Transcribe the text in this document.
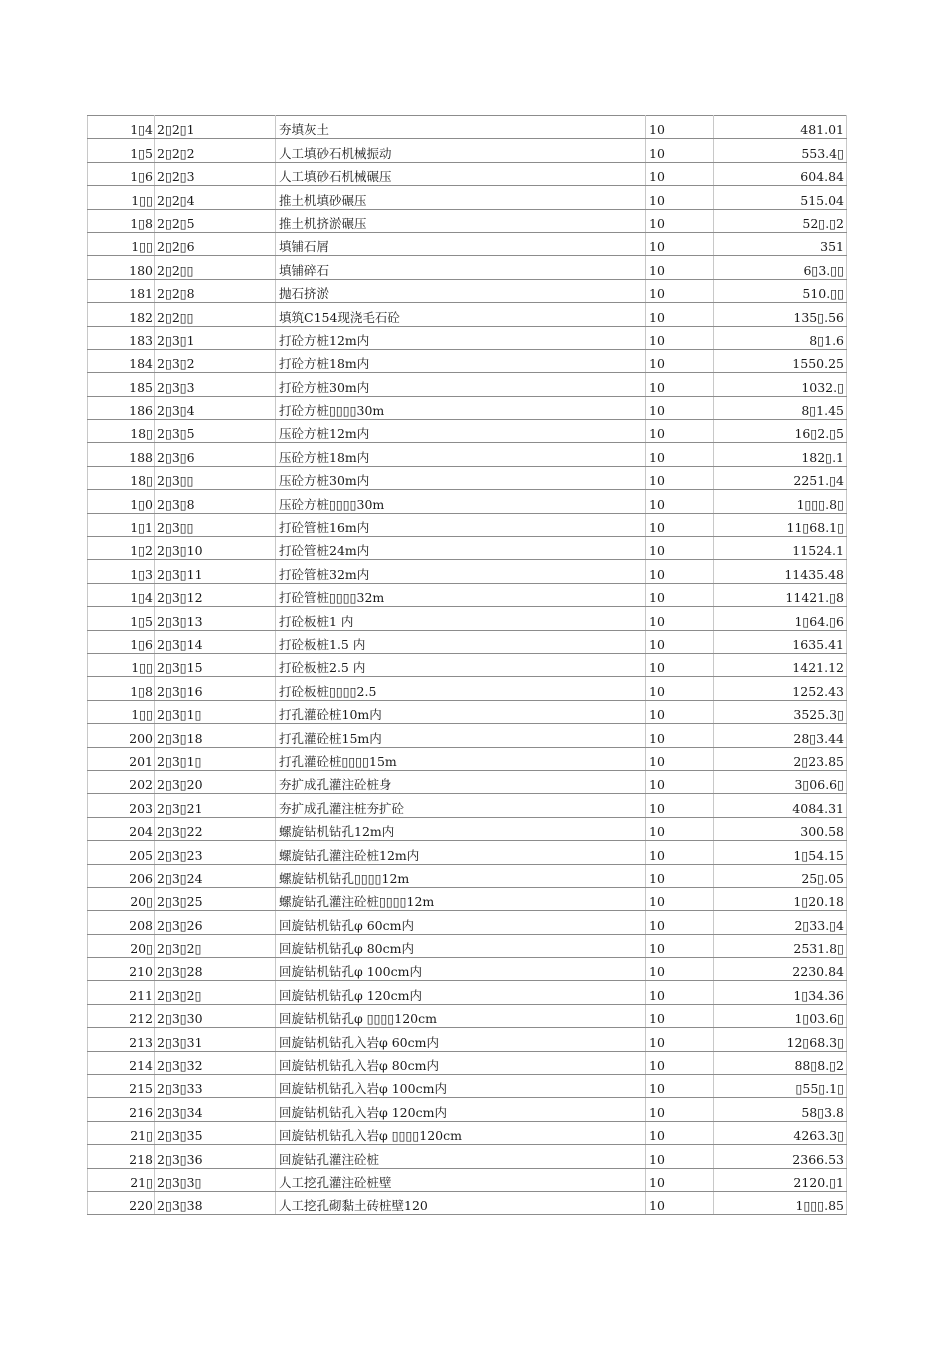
1▯4	2▯2▯1	夯填灰土	10	481.01
1▯5	2▯2▯2	人工填砂石机械振动	10	553.4▯
1▯6	2▯2▯3	人工填砂石机械碾压	10	604.84
1▯▯	2▯2▯4	推土机填砂碾压	10	515.04
1▯8	2▯2▯5	推土机挤淤碾压	10	52▯.▯2
1▯▯	2▯2▯6	填铺石屑	10	351
180	2▯2▯▯	填铺碎石	10	6▯3.▯▯
181	2▯2▯8	抛石挤淤	10	510.▯▯
182	2▯2▯▯	填筑C154现浇毛石砼	10	135▯.56
183	2▯3▯1	打砼方桩12m内	10	8▯1.6
184	2▯3▯2	打砼方桩18m内	10	1550.25
185	2▯3▯3	打砼方桩30m内	10	1032.▯
186	2▯3▯4	打砼方桩▯▯▯▯30m	10	8▯1.45
18▯	2▯3▯5	压砼方桩12m内	10	16▯2.▯5
188	2▯3▯6	压砼方桩18m内	10	182▯.1
18▯	2▯3▯▯	压砼方桩30m内	10	2251.▯4
1▯0	2▯3▯8	压砼方桩▯▯▯▯30m	10	1▯▯▯.8▯
1▯1	2▯3▯▯	打砼管桩16m内	10	11▯68.1▯
1▯2	2▯3▯10	打砼管桩24m内	10	11524.1
1▯3	2▯3▯11	打砼管桩32m内	10	11435.48
1▯4	2▯3▯12	打砼管桩▯▯▯▯32m	10	11421.▯8
1▯5	2▯3▯13	打砼板桩1 内	10	1▯64.▯6
1▯6	2▯3▯14	打砼板桩1.5 内	10	1635.41
1▯▯	2▯3▯15	打砼板桩2.5 内	10	1421.12
1▯8	2▯3▯16	打砼板桩▯▯▯▯2.5	10	1252.43
1▯▯	2▯3▯1▯	打孔灌砼桩10m内	10	3525.3▯
200	2▯3▯18	打孔灌砼桩15m内	10	28▯3.44
201	2▯3▯1▯	打孔灌砼桩▯▯▯▯15m	10	2▯23.85
202	2▯3▯20	夯扩成孔灌注砼桩身	10	3▯06.6▯
203	2▯3▯21	夯扩成孔灌注桩夯扩砼	10	4084.31
204	2▯3▯22	螺旋钻机钻孔12m内	10	300.58
205	2▯3▯23	螺旋钻孔灌注砼桩12m内	10	1▯54.15
206	2▯3▯24	螺旋钻机钻孔▯▯▯▯12m	10	25▯.05
20▯	2▯3▯25	螺旋钻孔灌注砼桩▯▯▯▯12m	10	1▯20.18
208	2▯3▯26	回旋钻机钻孔φ 60cm内	10	2▯33.▯4
20▯	2▯3▯2▯	回旋钻机钻孔φ 80cm内	10	2531.8▯
210	2▯3▯28	回旋钻机钻孔φ 100cm内	10	2230.84
211	2▯3▯2▯	回旋钻机钻孔φ 120cm内	10	1▯34.36
212	2▯3▯30	回旋钻机钻孔φ ▯▯▯▯120cm	10	1▯03.6▯
213	2▯3▯31	回旋钻机钻孔入岩φ 60cm内	10	12▯68.3▯
214	2▯3▯32	回旋钻机钻孔入岩φ 80cm内	10	88▯8.▯2
215	2▯3▯33	回旋钻机钻孔入岩φ 100cm内	10	▯55▯.1▯
216	2▯3▯34	回旋钻机钻孔入岩φ 120cm内	10	58▯3.8
21▯	2▯3▯35	回旋钻机钻孔入岩φ ▯▯▯▯120cm	10	4263.3▯
218	2▯3▯36	回旋钻孔灌注砼桩	10	2366.53
21▯	2▯3▯3▯	人工挖孔灌注砼桩壁	10	2120.▯1
220	2▯3▯38	人工挖孔砌黏土砖桩壁120	10	1▯▯▯.85
